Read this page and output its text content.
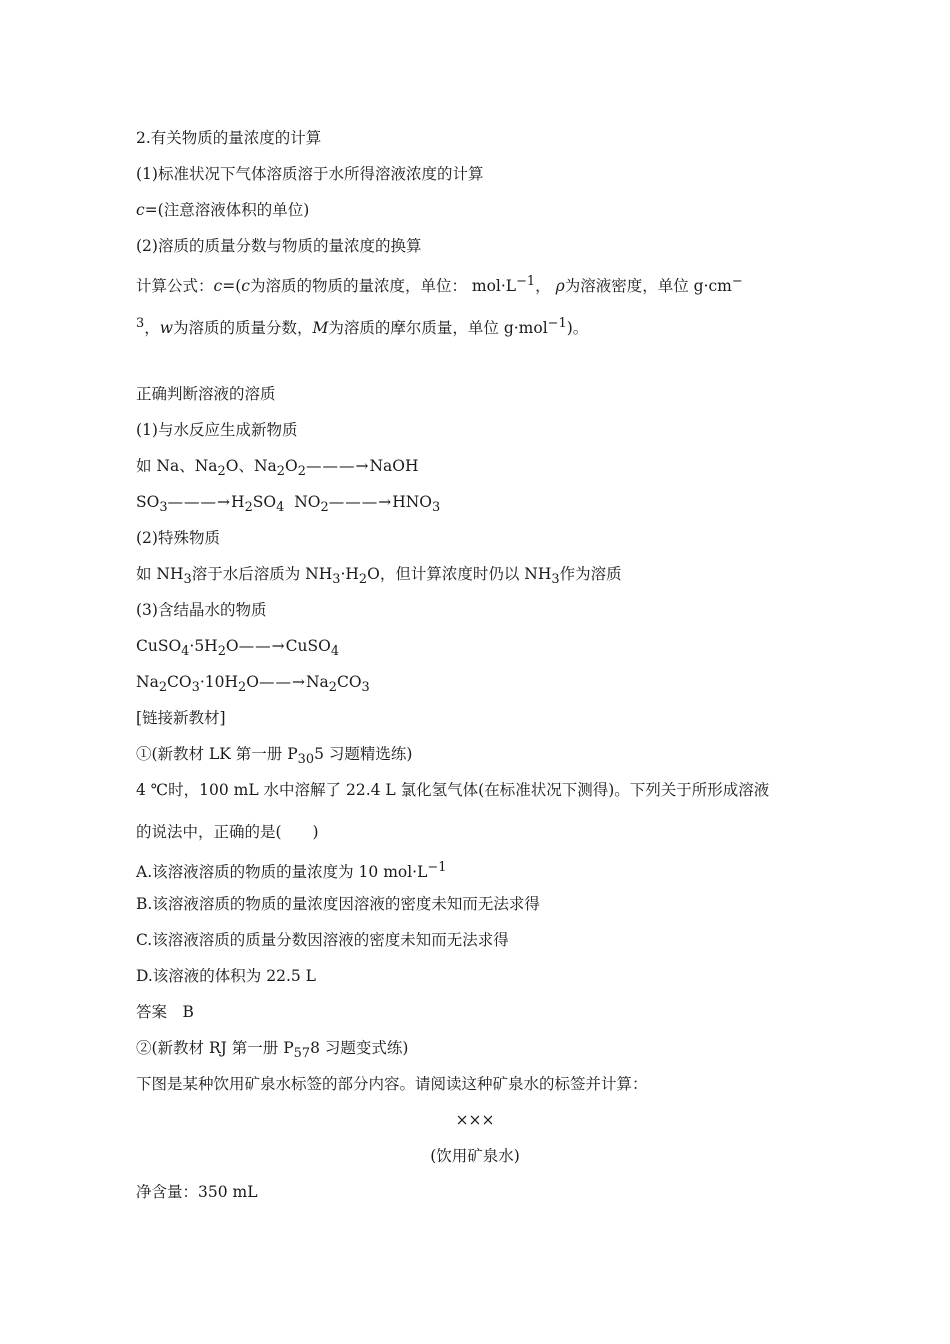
2.有关物质的量浓度的计算
(1)标准状况下气体溶质溶于水所得溶液浓度的计算
c=(注意溶液体积的单位)
(2)溶质的质量分数与物质的量浓度的换算
计算公式：c=(c为溶质的物质的量浓度，单位： $mol\cdot L^{-1}$， ρ为溶液密度，单位 g·cm−
$^3$，w为溶质的质量分数，M为溶质的摩尔质量，单位 g·mol$^{-1}$)。
正确判断溶液的溶质
(1)与水反应生成新物质
如 Na、$Na_2O$、$Na_2O_2———\to NaOH$
$SO_3———\to H_2SO_4$  $NO_2———\to HNO_3$
(2)特殊物质
如 $NH_3$溶于水后溶质为 $NH_3\cdot H_2O$，但计算浓度时仍以 $NH_3$作为溶质
(3)含结晶水的物质
$CuSO_4\cdot 5H_2O——\to CuSO_4$
$Na_2CO_3\cdot 10H_2O——\to Na_2CO_3$
[链接新教材]
①(新教材 LK 第一册 $P_{30}5$ 习题精选练)
4 ℃时，100 mL 水中溶解了 22.4 L 氯化氢气体(在标准状况下测得)。下列关于所形成溶液
的说法中，正确的是(　　)
A.该溶液溶质的物质的量浓度为 10 $mol\cdot L^{-1}$
B.该溶液溶质的物质的量浓度因溶液的密度未知而无法求得
C.该溶液溶质的质量分数因溶液的密度未知而无法求得
D.该溶液的体积为 22.5 L
答案　B
②(新教材 RJ 第一册 $P_{57}8$ 习题变式练)
下图是某种饮用矿泉水标签的部分内容。请阅读这种矿泉水的标签并计算：
×××
(饮用矿泉水)
净含量：350 mL
